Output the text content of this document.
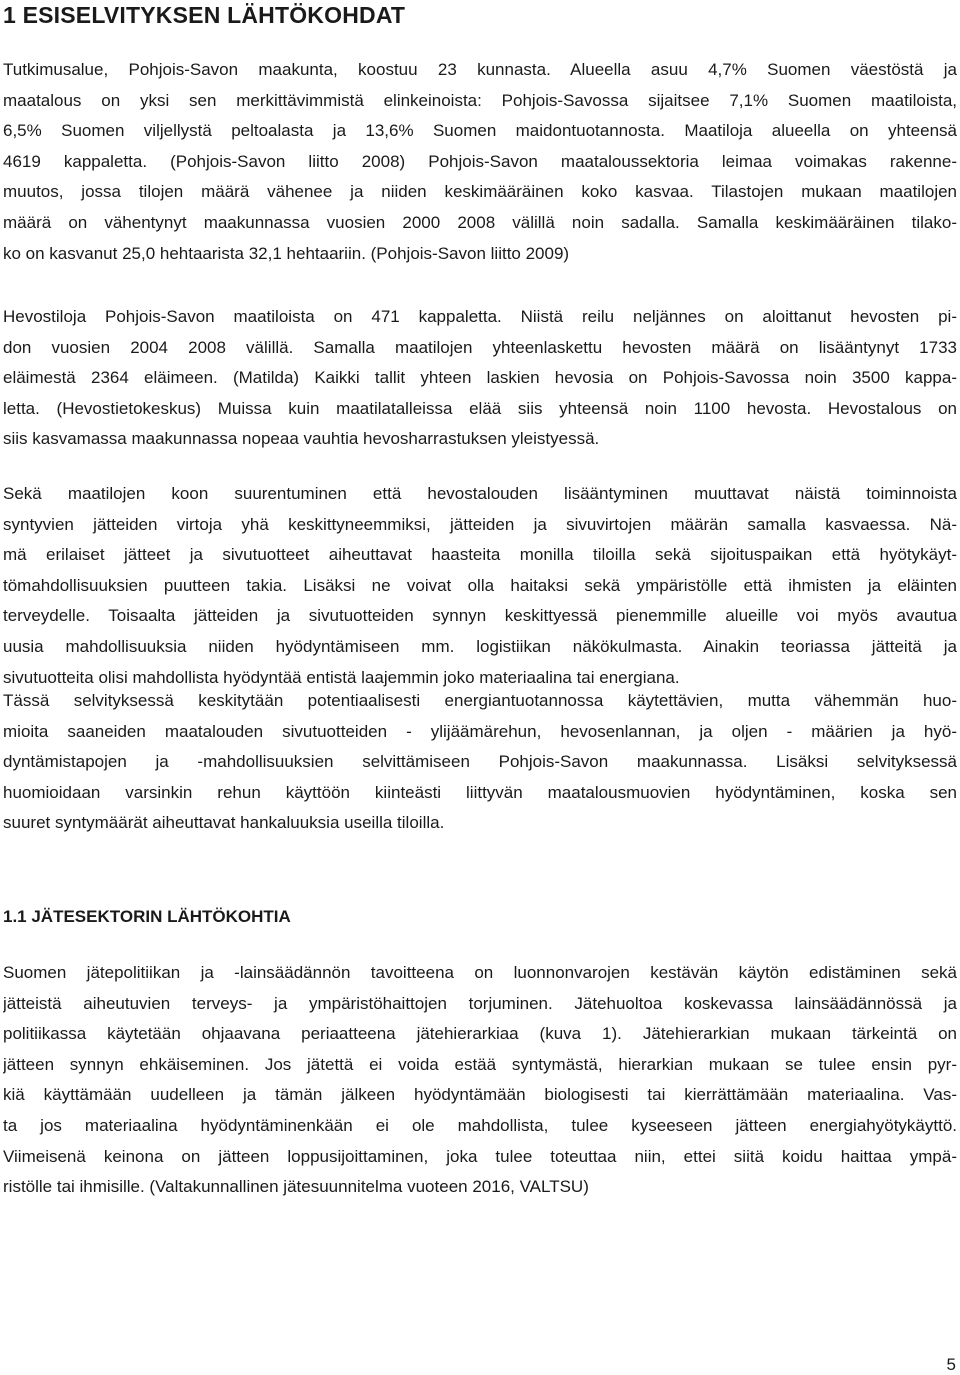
1 ESISELVITYKSEN LÄHTÖKOHDAT
Tutkimusalue, Pohjois-Savon maakunta, koostuu 23 kunnasta. Alueella asuu 4,7% Suomen väestöstä ja
maatalous on yksi sen merkittävimmistä elinkeinoista: Pohjois-Savossa sijaitsee 7,1% Suomen maatiloista,
6,5% Suomen viljellystä peltoalasta ja 13,6% Suomen maidontuotannosta. Maatiloja alueella on yhteensä
4619 kappaletta. (Pohjois-Savon liitto 2008) Pohjois-Savon maataloussektoria leimaa voimakas rakenne-
muutos, jossa tilojen määrä vähenee ja niiden keskimääräinen koko kasvaa. Tilastojen mukaan maatilojen
määrä on vähentynyt maakunnassa vuosien 2000 2008 välillä noin sadalla. Samalla keskimääräinen tilako-
ko on kasvanut 25,0 hehtaarista 32,1 hehtaariin. (Pohjois-Savon liitto 2009)
Hevostiloja Pohjois-Savon maatiloista on 471 kappaletta. Niistä reilu neljännes on aloittanut hevosten pi-
don vuosien 2004 2008 välillä. Samalla maatilojen yhteenlaskettu hevosten määrä on lisääntynyt 1733
eläimestä 2364 eläimeen. (Matilda) Kaikki tallit yhteen laskien hevosia on Pohjois-Savossa noin 3500 kappa-
letta. (Hevostietokeskus) Muissa kuin maatilatalleissa elää siis yhteensä noin 1100 hevosta. Hevostalous on
siis kasvamassa maakunnassa nopeaa vauhtia hevosharrastuksen yleistyessä.
Sekä maatilojen koon suurentuminen että hevostalouden lisääntyminen muuttavat näistä toiminnoista
syntyvien jätteiden virtoja yhä keskittyneemmiksi, jätteiden ja sivuvirtojen määrän samalla kasvaessa. Nä-
mä erilaiset jätteet ja sivutuotteet aiheuttavat haasteita monilla tiloilla sekä sijoituspaikan että hyötykäyt-
tömahdollisuuksien puutteen takia. Lisäksi ne voivat olla haitaksi sekä ympäristölle että ihmisten ja eläinten
terveydelle. Toisaalta jätteiden ja sivutuotteiden synnyn keskittyessä pienemmille alueille voi myös avautua
uusia mahdollisuuksia niiden hyödyntämiseen mm. logistiikan näkökulmasta. Ainakin teoriassa jätteitä ja
sivutuotteita olisi mahdollista hyödyntää entistä laajemmin joko materiaalina tai energiana.
Tässä selvityksessä keskitytään potentiaalisesti energiantuotannossa käytettävien, mutta vähemmän huo-
mioita saaneiden maatalouden sivutuotteiden - ylijäämärehun, hevosenlannan, ja oljen - määrien ja hyö-
dyntämistapojen ja -mahdollisuuksien selvittämiseen Pohjois-Savon maakunnassa. Lisäksi selvityksessä
huomioidaan varsinkin rehun käyttöön kiinteästi liittyvän maatalousmuovien hyödyntäminen, koska sen
suuret syntymäärät aiheuttavat hankaluuksia useilla tiloilla.
1.1 JÄTESEKTORIN LÄHTÖKOHTIA
Suomen jätepolitiikan ja -lainsäädännön tavoitteena on luonnonvarojen kestävän käytön edistäminen sekä
jätteistä aiheutuvien terveys- ja ympäristöhaittojen torjuminen. Jätehuoltoa koskevassa lainsäädännössä ja
politiikassa käytetään ohjaavana periaatteena jätehierarkiaa (kuva 1). Jätehierarkian mukaan tärkeintä on
jätteen synnyn ehkäiseminen. Jos jätettä ei voida estää syntymästä, hierarkian mukaan se tulee ensin pyr-
kiä käyttämään uudelleen ja tämän jälkeen hyödyntämään biologisesti tai kierrättämään materiaalina. Vas-
ta jos materiaalina hyödyntäminenkään ei ole mahdollista, tulee kyseeseen jätteen energiahyötykäyttö.
Viimeisenä keinona on jätteen loppusijoittaminen, joka tulee toteuttaa niin, ettei siitä koidu haittaa ympä-
ristölle tai ihmisille. (Valtakunnallinen jätesuunnitelma vuoteen 2016, VALTSU)
5
